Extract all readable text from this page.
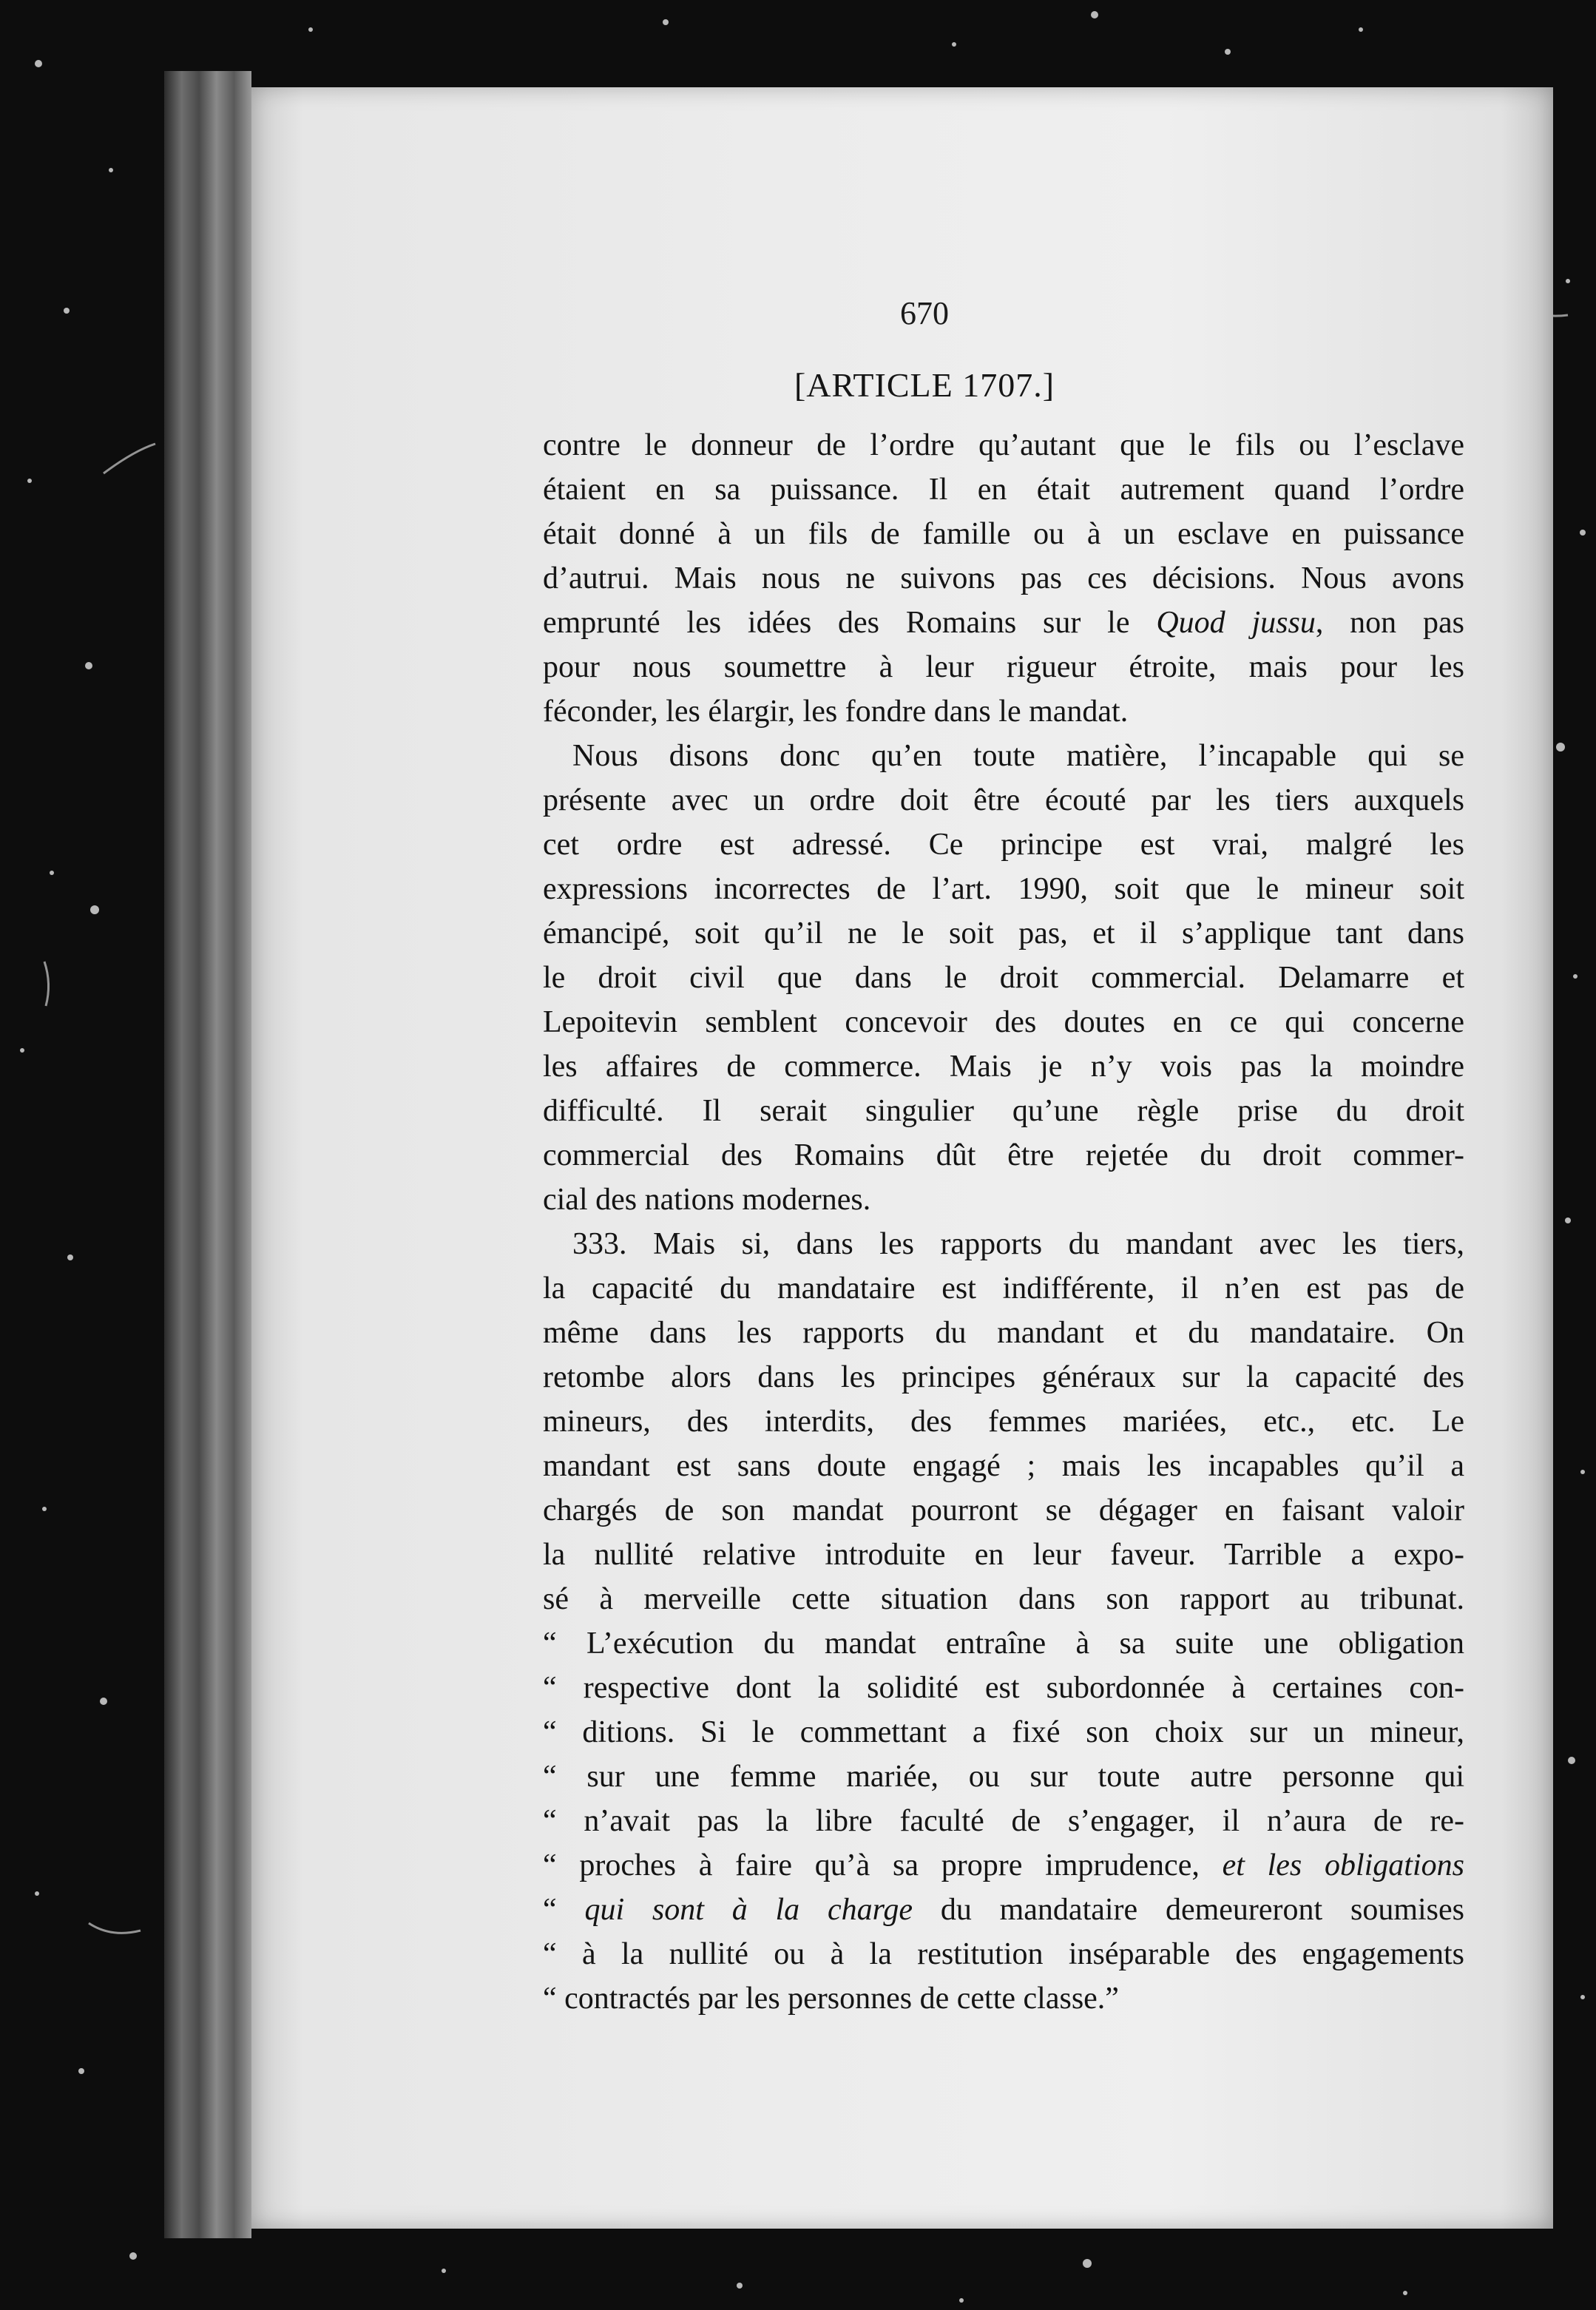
670
[ARTICLE 1707.]
contre le donneur de l’ordre qu’autant que le fils ou l’esclave
étaient en sa puissance. Il en était autrement quand l’ordre
était donné à un fils de famille ou à un esclave en puissance
d’autrui. Mais nous ne suivons pas ces décisions. Nous avons
emprunté les idées des Romains sur le Quod jussu, non pas
pour nous soumettre à leur rigueur étroite, mais pour les
féconder, les élargir, les fondre dans le mandat.
Nous disons donc qu’en toute matière, l’incapable qui se
présente avec un ordre doit être écouté par les tiers auxquels
cet ordre est adressé. Ce principe est vrai, malgré les
expressions incorrectes de l’art. 1990, soit que le mineur soit
émancipé, soit qu’il ne le soit pas, et il s’applique tant dans
le droit civil que dans le droit commercial. Delamarre et
Lepoitevin semblent concevoir des doutes en ce qui concerne
les affaires de commerce. Mais je n’y vois pas la moindre
difficulté. Il serait singulier qu’une règle prise du droit
commercial des Romains dût être rejetée du droit commer-
cial des nations modernes.
333. Mais si, dans les rapports du mandant avec les tiers,
la capacité du mandataire est indifférente, il n’en est pas de
même dans les rapports du mandant et du mandataire. On
retombe alors dans les principes généraux sur la capacité des
mineurs, des interdits, des femmes mariées, etc., etc. Le
mandant est sans doute engagé ; mais les incapables qu’il a
chargés de son mandat pourront se dégager en faisant valoir
la nullité relative introduite en leur faveur. Tarrible a expo-
sé à merveille cette situation dans son rapport au tribunat.
“ L’exécution du mandat entraîne à sa suite une obligation
“ respective dont la solidité est subordonnée à certaines con-
“ ditions. Si le commettant a fixé son choix sur un mineur,
“ sur une femme mariée, ou sur toute autre personne qui
“ n’avait pas la libre faculté de s’engager, il n’aura de re-
“ proches à faire qu’à sa propre imprudence, et les obligations
“ qui sont à la charge du mandataire demeureront soumises
“ à la nullité ou à la restitution inséparable des engagements
“ contractés par les personnes de cette classe.”
